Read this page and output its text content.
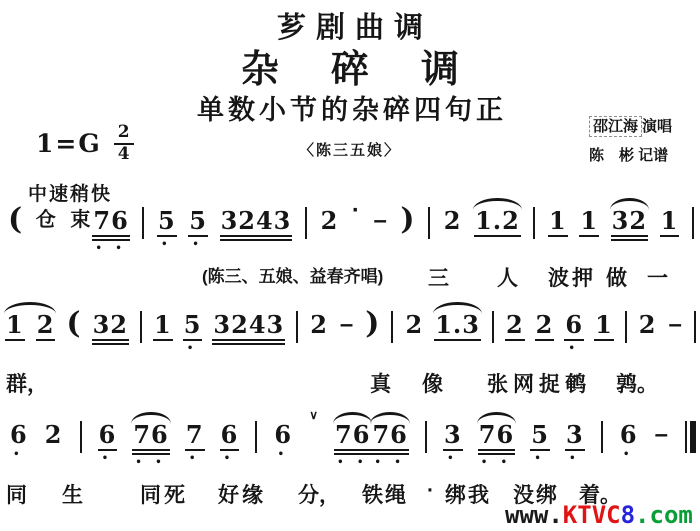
芗剧曲调
杂碎调
单数小节的杂碎四句正
$1=G \frac{2}{4}$	〈陈三五娘〉
邵江海 演唱
陈　彬 记谱
中速稍快
( 仓 束 76
• •
5
•
5
•
3243 2 · – ) 2 1.2 1 1 32 1
(陈三、五娘、益春齐唱) 三 人 波押 做 一
1 2 ( 32 1 5
•
3243 2 – ) 2 1.3 2 2 6
•
1 2 –
群，	真 像 张网捉鹌 鹑。
6
•
2 6
•
76
• •
7
•
6
•
6
•
∨
76
• •
76
• •
3
•
76
• •
5
•
3
•
6
•
–
同 生	同死 好缘 分， 铁绳 · 绑我 没绑 着。
www.KTVC8.com
